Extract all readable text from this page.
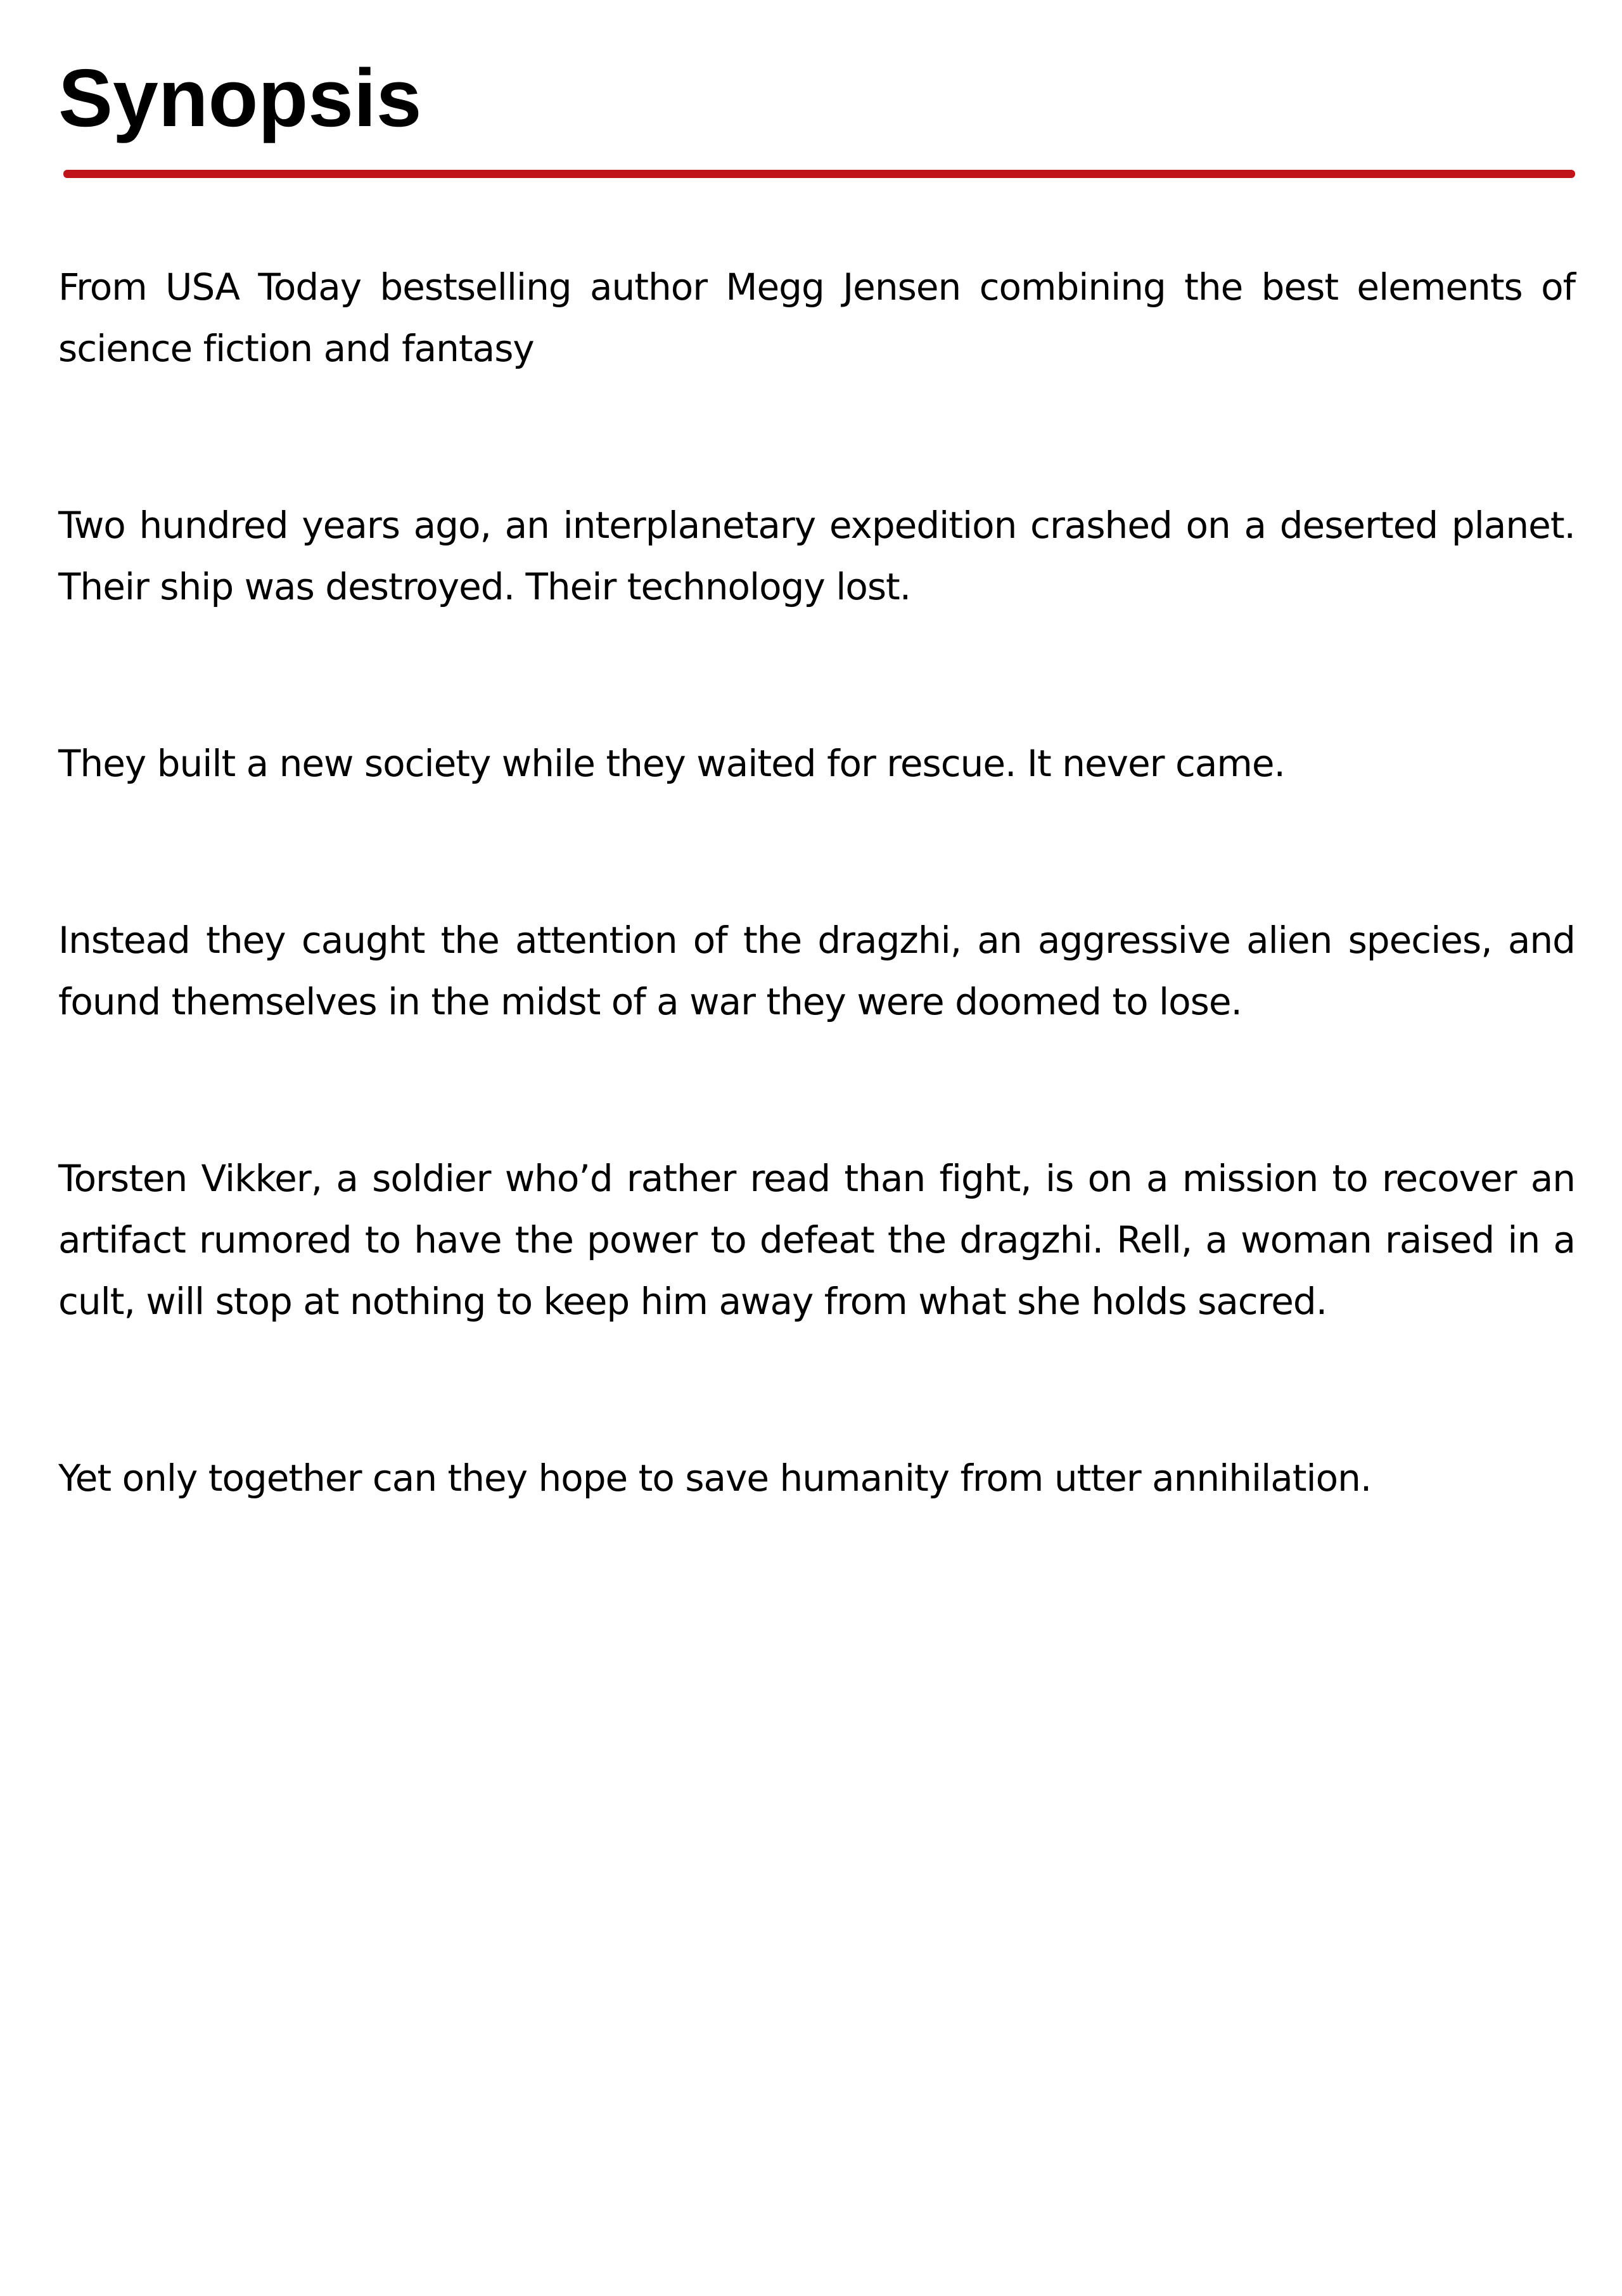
Synopsis

From USA Today bestselling author Megg Jensen combining the best elements of science fiction and fantasy

Two hundred years ago, an interplanetary expedition crashed on a deserted planet. Their ship was destroyed. Their technology lost.

They built a new society while they waited for rescue. It never came.

Instead they caught the attention of the dragzhi, an aggressive alien species, and found themselves in the midst of a war they were doomed to lose.

Torsten Vikker, a soldier who’d rather read than fight, is on a mission to recover an artifact rumored to have the power to defeat the dragzhi. Rell, a woman raised in a cult, will stop at nothing to keep him away from what she holds sacred.

Yet only together can they hope to save humanity from utter annihilation.
